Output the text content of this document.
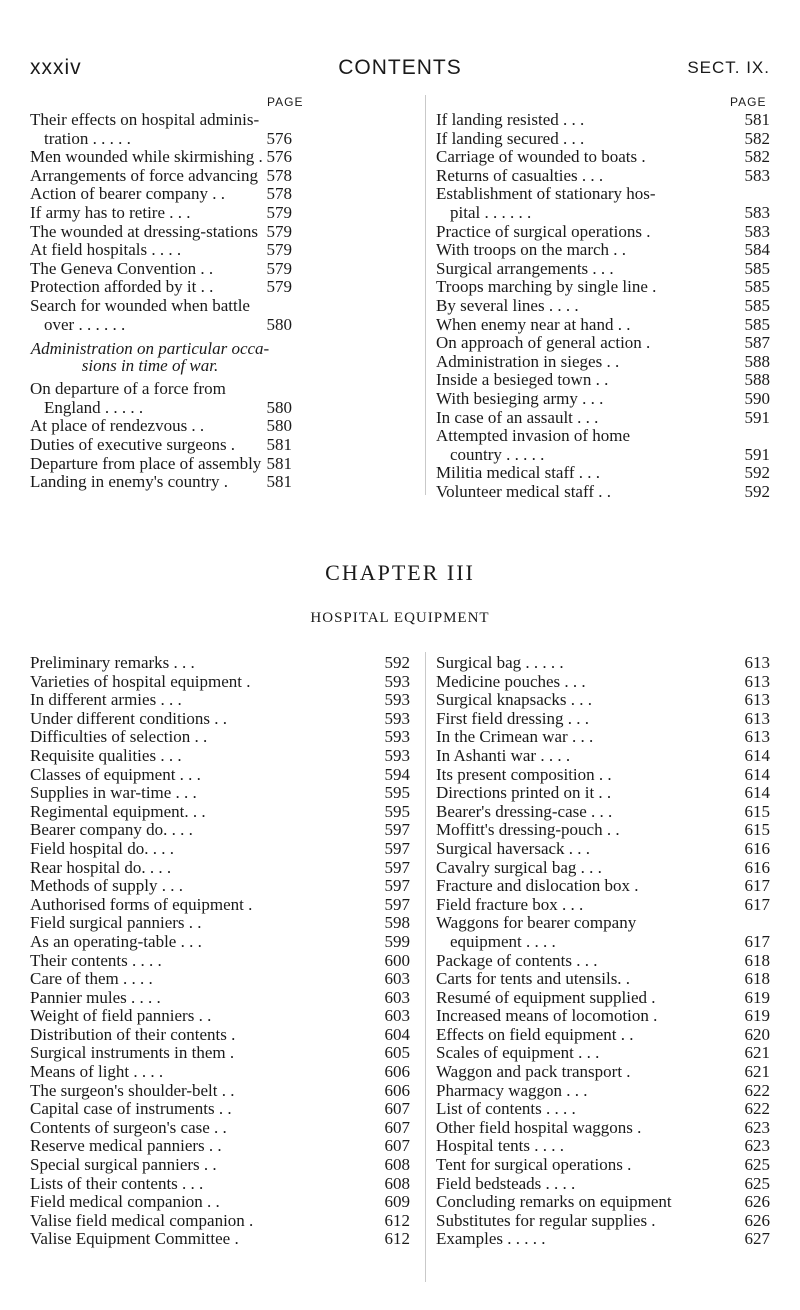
xxxiv	CONTENTS	SECT. IX.
PAGE	PAGE
Their effects on hospital adminis-
tration . . . . .	576
Men wounded while skirmishing . 576
Arrangements of force advancing 578
Action of bearer company . . 578
If army has to retire . . .	579
The wounded at dressing-stations 579
At field hospitals . . . .	579
The Geneva Convention . .	579
Protection afforded by it . .	579
Search for wounded when battle
over . . . . . .	580
Administration on particular occa- sions in time of war.
On departure of a force from
England . . . . .	580
At place of rendezvous . .	580
Duties of executive surgeons . 581
Departure from place of assembly 581
Landing in enemy's country . 581
If landing resisted . . .	581
If landing secured . . .	582
Carriage of wounded to boats .	582
Returns of casualties . . .	583
Establishment of stationary hos-
pital . . . . . .	583
Practice of surgical operations .	583
With troops on the march . .	584
Surgical arrangements . . .	585
Troops marching by single line .	585
By several lines . . . .	585
When enemy near at hand . .	585
On approach of general action .	587
Administration in sieges . .	588
Inside a besieged town . .	588
With besieging army . . .	590
In case of an assault . . .	591
Attempted invasion of home
country . . . . .	591
Militia medical staff . . .	592
Volunteer medical staff . .	592
CHAPTER III
HOSPITAL EQUIPMENT
Preliminary remarks . . .	592
Varieties of hospital equipment .	593
In different armies . . .	593
Under different conditions . .	593
Difficulties of selection . .	593
Requisite qualities . . .	593
Classes of equipment . . .	594
Supplies in war-time . . .	595
Regimental equipment. . .	595
Bearer company do. . . .	597
Field hospital do. . . .	597
Rear hospital do. . . .	597
Methods of supply . . .	597
Authorised forms of equipment .	597
Field surgical panniers . .	598
As an operating-table . . .	599
Their contents . . . .	600
Care of them . . . .	603
Pannier mules . . . .	603
Weight of field panniers . .	603
Distribution of their contents .	604
Surgical instruments in them .	605
Means of light . . . .	606
The surgeon's shoulder-belt . .	606
Capital case of instruments . .	607
Contents of surgeon's case . .	607
Reserve medical panniers . .	607
Special surgical panniers . .	608
Lists of their contents . . .	608
Field medical companion . .	609
Valise field medical companion .	612
Valise Equipment Committee .	612
Surgical bag . . . . .	613
Medicine pouches . . .	613
Surgical knapsacks . . .	613
First field dressing . . .	613
In the Crimean war . . .	613
In Ashanti war . . . .	614
Its present composition . .	614
Directions printed on it . .	614
Bearer's dressing-case . . .	615
Moffitt's dressing-pouch . .	615
Surgical haversack . . .	616
Cavalry surgical bag . . .	616
Fracture and dislocation box .	617
Field fracture box . . .	617
Waggons for bearer company
equipment . . . .	617
Package of contents . . .	618
Carts for tents and utensils. .	618
Resumé of equipment supplied .	619
Increased means of locomotion .	619
Effects on field equipment . .	620
Scales of equipment . . .	621
Waggon and pack transport .	621
Pharmacy waggon . . .	622
List of contents . . . .	622
Other field hospital waggons .	623
Hospital tents . . . .	623
Tent for surgical operations .	625
Field bedsteads . . . .	625
Concluding remarks on equipment	626
Substitutes for regular supplies .	626
Examples . . . . .	627
